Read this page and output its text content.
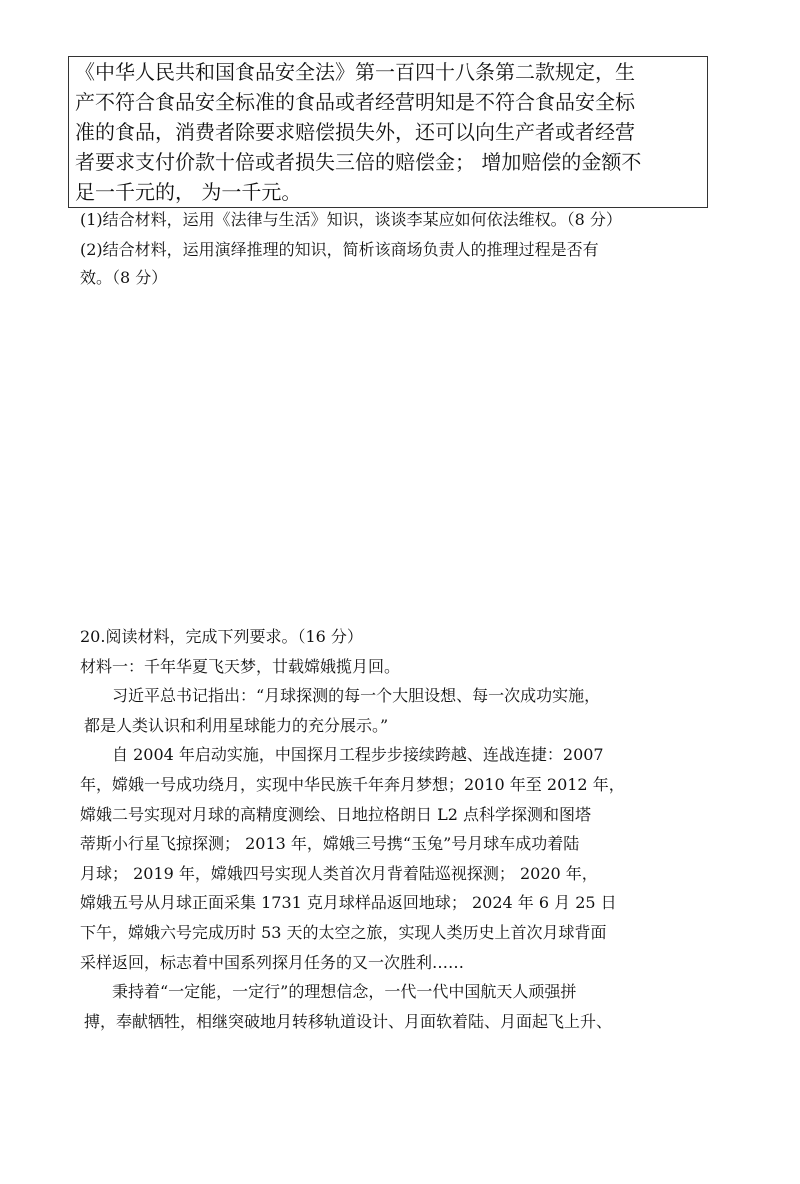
《中华人民共和国食品安全法》第一百四十八条第二款规定，生
产不符合食品安全标准的食品或者经营明知是不符合食品安全标
准的食品，消费者除要求赔偿损失外，还可以向生产者或者经营
者要求支付价款十倍或者损失三倍的赔偿金； 增加赔偿的金额不
足一千元的， 为一千元。
(1)结合材料，运用《法律与生活》知识，谈谈李某应如何依法维权。（8 分）
(2)结合材料，运用演绎推理的知识，简析该商场负责人的推理过程是否有
效。（8 分）
20.阅读材料，完成下列要求。（16 分）
材料一：千年华夏飞天梦，廿载嫦娥揽月回。
习近平总书记指出：“月球探测的每一个大胆设想、每一次成功实施，
都是人类认识和利用星球能力的充分展示。”
自 2004 年启动实施，中国探月工程步步接续跨越、连战连捷：2007
年，嫦娥一号成功绕月，实现中华民族千年奔月梦想；2010 年至 2012 年，
嫦娥二号实现对月球的高精度测绘、日地拉格朗日 L2 点科学探测和图塔
蒂斯小行星飞掠探测； 2013 年，嫦娥三号携“玉兔”号月球车成功着陆
月球； 2019 年，嫦娥四号实现人类首次月背着陆巡视探测； 2020 年，
嫦娥五号从月球正面采集 1731 克月球样品返回地球； 2024 年 6 月 25 日
下午，嫦娥六号完成历时 53 天的太空之旅，实现人类历史上首次月球背面
采样返回，标志着中国系列探月任务的又一次胜利……
秉持着“一定能，一定行”的理想信念，一代一代中国航天人顽强拼
搏，奉献牺牲，相继突破地月转移轨道设计、月面软着陆、月面起飞上升、
